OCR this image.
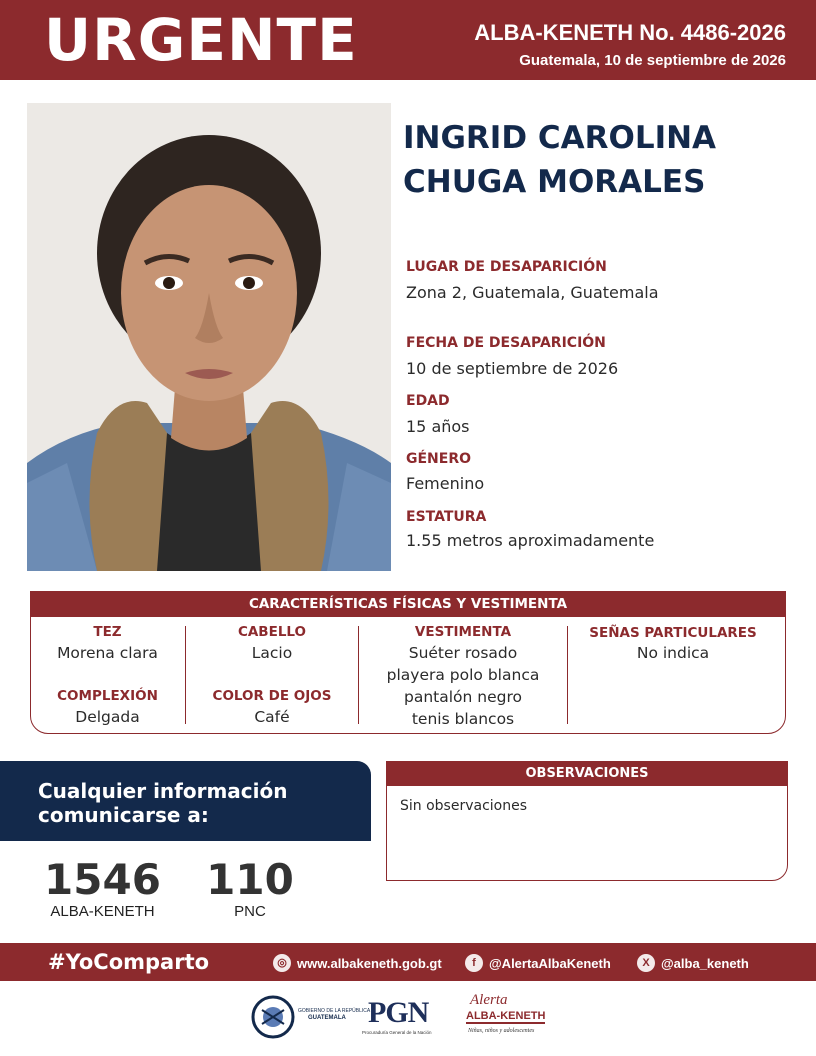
URGENTE	ALBA-KENETH No. 4486-2026
Guatemala, 10 de septiembre de 2026
INGRID CAROLINA CHUGA MORALES
LUGAR DE DESAPARICIÓN
Zona 2, Guatemala, Guatemala
FECHA DE DESAPARICIÓN
10 de septiembre de 2026
EDAD
15 años
GÉNERO
Femenino
ESTATURA
1.55 metros aproximadamente
CARACTERÍSTICAS FÍSICAS Y VESTIMENTA
TEZ
Morena clara
COMPLEXIÓN
Delgada
CABELLO
Lacio
COLOR DE OJOS
Café
VESTIMENTA
Suéter rosado
playera polo blanca
pantalón negro
tenis blancos
SEÑAS PARTICULARES
No indica
Cualquier información
comunicarse a:
1546
ALBA-KENETH
110
PNC
OBSERVACIONES
Sin observaciones
#YoComparto	◎ www.albakeneth.gob.gt	f	@AlertaAlbaKeneth	X @alba_keneth
GOBIERNO DE LA REPÚBLICA
GUATEMALA PGN
Procuraduría General de la Nación
Alerta
ALBA-KENETH
Niñas, niños y adolescentes
